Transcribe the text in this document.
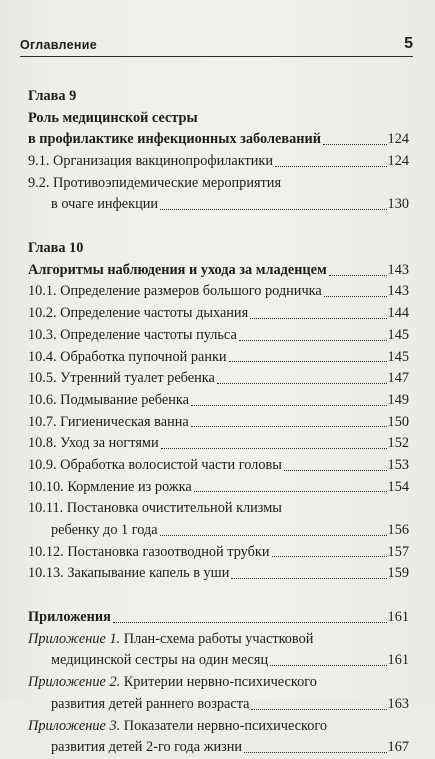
Оглавление	5
Глава 9
Роль медицинской сестры
в профилактике инфекционных заболеваний	124
9.1. Организация вакцинопрофилактики	124
9.2. Противоэпидемические мероприятия
в очаге инфекции	130
Глава 10
Алгоритмы наблюдения и ухода за младенцем	143
10.1. Определение размеров большого родничка	143
10.2. Определение частоты дыхания	144
10.3. Определение частоты пульса	145
10.4. Обработка пупочной ранки	145
10.5. Утренний туалет ребенка	147
10.6. Подмывание ребенка	149
10.7. Гигиеническая ванна	150
10.8. Уход за ногтями	152
10.9. Обработка волосистой части головы	153
10.10. Кормление из рожка	154
10.11. Постановка очистительной клизмы
ребенку до 1 года	156
10.12. Постановка газоотводной трубки	157
10.13. Закапывание капель в уши	159
Приложения	161
Приложение 1. План-схема работы участковой
медицинской сестры на один месяц	161
Приложение 2. Критерии нервно-психического
развития детей раннего возраста	163
Приложение 3. Показатели нервно-психического
развития детей 2-го года жизни	167
